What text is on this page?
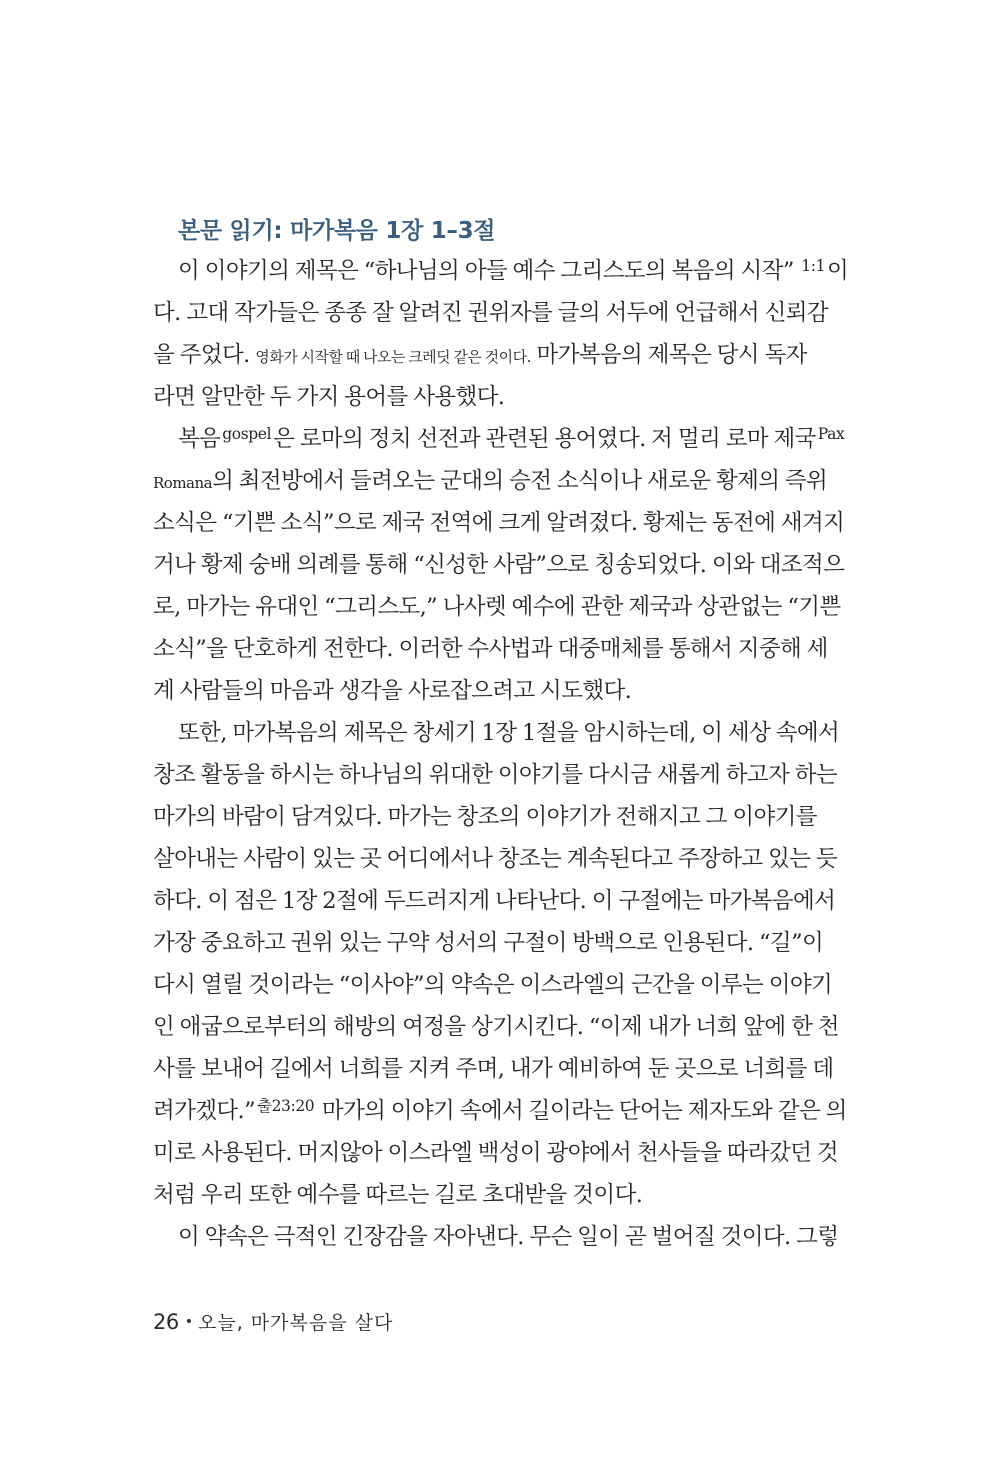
본문 읽기: 마가복음 1장 1–3절
이 이야기의 제목은 “하나님의 아들 예수 그리스도의 복음의 시작” $^{1:1}$이
다. 고대 작가들은 종종 잘 알려진 권위자를 글의 서두에 언급해서 신뢰감
을 주었다. 영화가 시작할 때 나오는 크레딧 같은 것이다. 마가복음의 제목은 당시 독자
라면 알만한 두 가지 용어를 사용했다.
복음 $^{gospel}$은 로마의 정치 선전과 관련된 용어였다. 저 멀리 로마 제국 $^{Pax}$
Romana의 최전방에서 들려오는 군대의 승전 소식이나 새로운 황제의 즉위
소식은 “기쁜 소식”으로 제국 전역에 크게 알려졌다. 황제는 동전에 새겨지
거나 황제 숭배 의례를 통해 “신성한 사람”으로 칭송되었다. 이와 대조적으
로, 마가는 유대인 “그리스도,” 나사렛 예수에 관한 제국과 상관없는 “기쁜
소식”을 단호하게 전한다. 이러한 수사법과 대중매체를 통해서 지중해 세
계 사람들의 마음과 생각을 사로잡으려고 시도했다.
또한, 마가복음의 제목은 창세기 1장 1절을 암시하는데, 이 세상 속에서
창조 활동을 하시는 하나님의 위대한 이야기를 다시금 새롭게 하고자 하는
마가의 바람이 담겨있다. 마가는 창조의 이야기가 전해지고 그 이야기를
살아내는 사람이 있는 곳 어디에서나 창조는 계속된다고 주장하고 있는 듯
하다. 이 점은 1장 2절에 두드러지게 나타난다. 이 구절에는 마가복음에서
가장 중요하고 권위 있는 구약 성서의 구절이 방백으로 인용된다. “길”이
다시 열릴 것이라는 “이사야”의 약속은 이스라엘의 근간을 이루는 이야기
인 애굽으로부터의 해방의 여정을 상기시킨다. “이제 내가 너희 앞에 한 천
사를 보내어 길에서 너희를 지켜 주며, 내가 예비하여 둔 곳으로 너희를 데
려가겠다.” $^{출23:20}$ 마가의 이야기 속에서 길이라는 단어는 제자도와 같은 의
미로 사용된다. 머지않아 이스라엘 백성이 광야에서 천사들을 따라갔던 것
처럼 우리 또한 예수를 따르는 길로 초대받을 것이다.
이 약속은 극적인 긴장감을 자아낸다. 무슨 일이 곧 벌어질 것이다. 그렇
26 • 오늘, 마가복음을 살다
